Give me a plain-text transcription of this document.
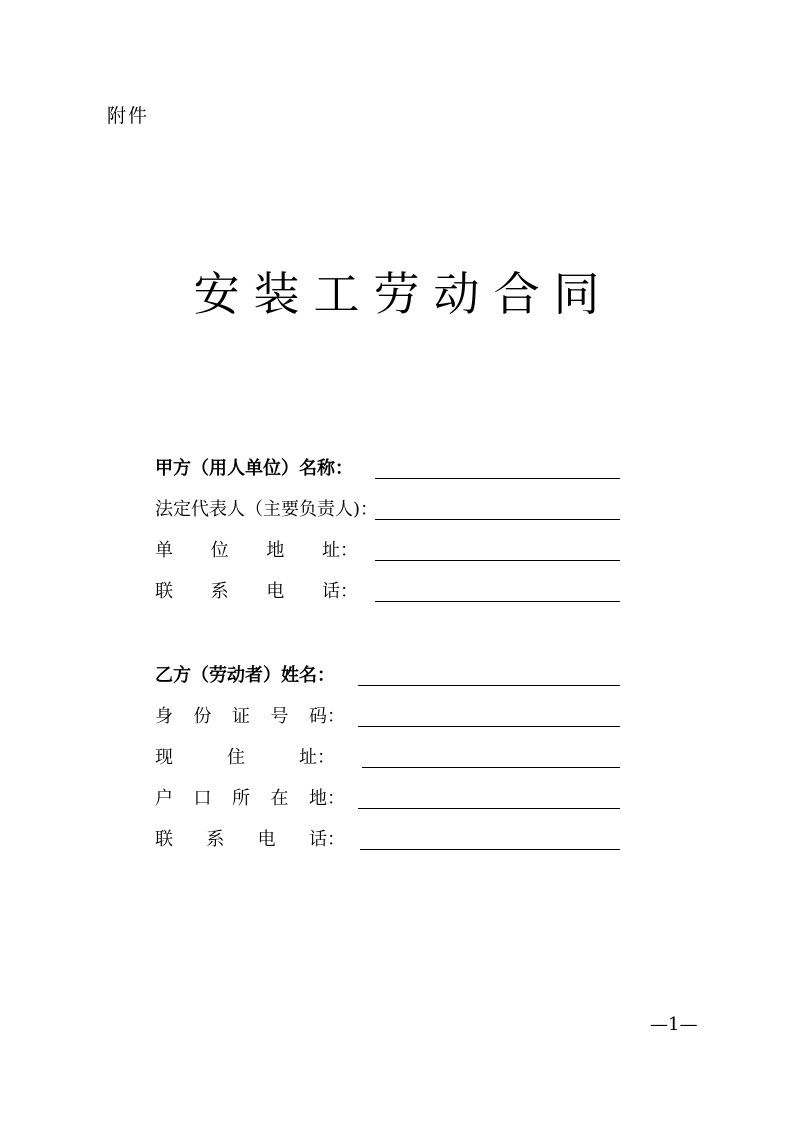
附件
安装工劳动合同
甲方（用人单位）名称：
法定代表人（主要负责人)：
单 位 地 址：
联 系 电 话：
乙方（劳动者）姓名：
身 份 证 号 码：
现	住	址：
户 口 所 在 地：
联 系 电 话：
—1—
